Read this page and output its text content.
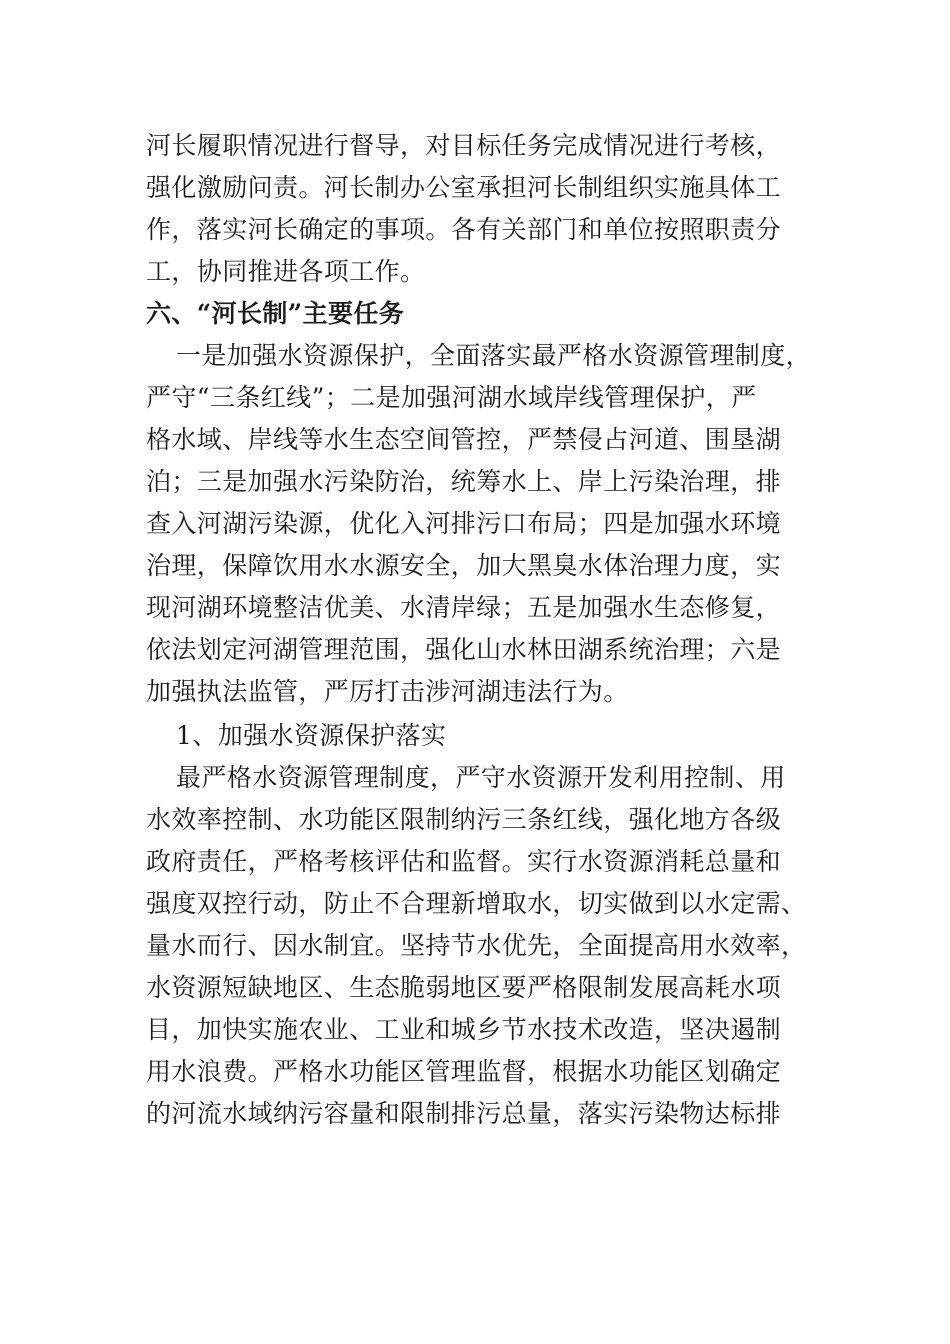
河长履职情况进行督导，对目标任务完成情况进行考核，
强化激励问责。河长制办公室承担河长制组织实施具体工
作，落实河长确定的事项。各有关部门和单位按照职责分
工，协同推进各项工作。
六、“河长制”主要任务
一是加强水资源保护，全面落实最严格水资源管理制度，
严守“三条红线”；二是加强河湖水域岸线管理保护，严
格水域、岸线等水生态空间管控，严禁侵占河道、围垦湖
泊；三是加强水污染防治，统筹水上、岸上污染治理，排
查入河湖污染源，优化入河排污口布局；四是加强水环境
治理，保障饮用水水源安全，加大黑臭水体治理力度，实
现河湖环境整洁优美、水清岸绿；五是加强水生态修复，
依法划定河湖管理范围，强化山水林田湖系统治理；六是
加强执法监管，严厉打击涉河湖违法行为。
1、加强水资源保护落实
最严格水资源管理制度，严守水资源开发利用控制、用
水效率控制、水功能区限制纳污三条红线，强化地方各级
政府责任，严格考核评估和监督。实行水资源消耗总量和
强度双控行动，防止不合理新增取水，切实做到以水定需、
量水而行、因水制宜。坚持节水优先，全面提高用水效率，
水资源短缺地区、生态脆弱地区要严格限制发展高耗水项
目，加快实施农业、工业和城乡节水技术改造，坚决遏制
用水浪费。严格水功能区管理监督，根据水功能区划确定
的河流水域纳污容量和限制排污总量，落实污染物达标排
